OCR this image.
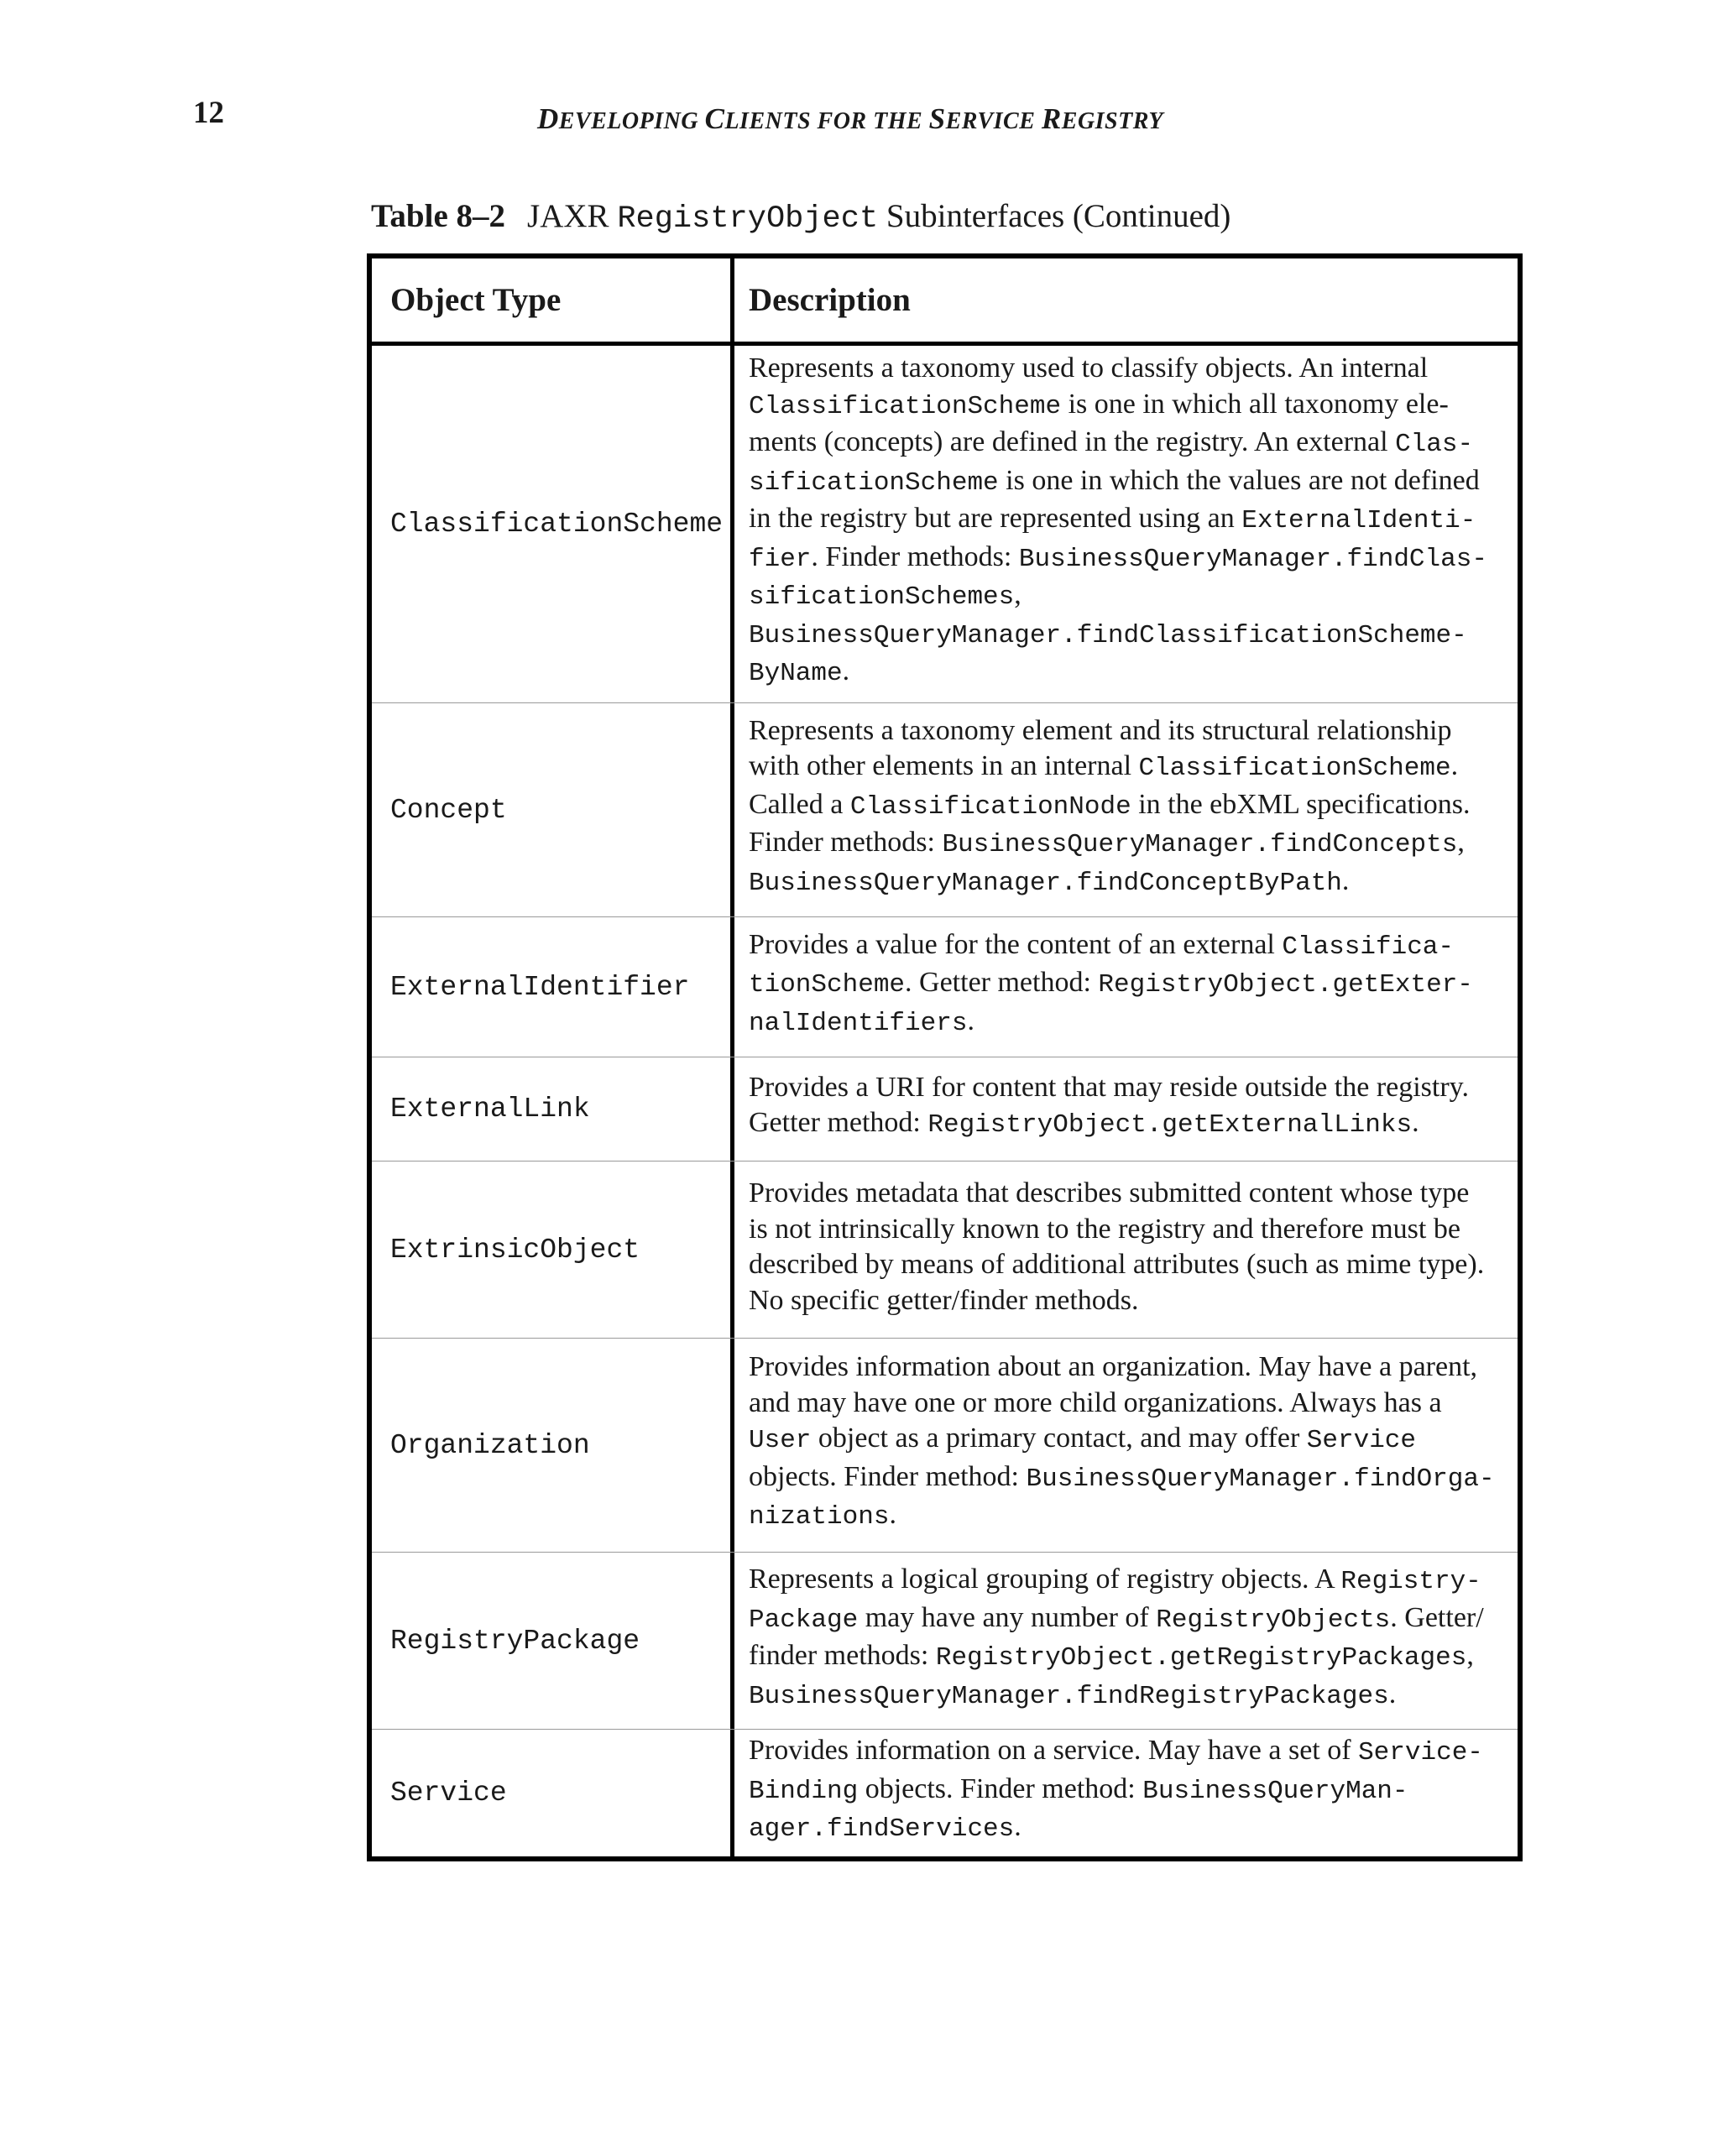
12	DEVELOPING CLIENTS FOR THE SERVICE REGISTRY
Table 8–2 JAXR RegistryObject Subinterfaces (Continued)
Object Type	Description
ClassificationScheme
Represents a taxonomy used to classify objects. An internal
ClassificationScheme is one in which all taxonomy ele-
ments (concepts) are defined in the registry. An external Clas-
sificationScheme is one in which the values are not defined
in the registry but are represented using an ExternalIdenti-
fier. Finder methods: BusinessQueryManager.findClas-
sificationSchemes,
BusinessQueryManager.findClassificationScheme-
ByName.
Concept
Represents a taxonomy element and its structural relationship
with other elements in an internal ClassificationScheme.
Called a ClassificationNode in the ebXML specifications.
Finder methods: BusinessQueryManager.findConcepts,
BusinessQueryManager.findConceptByPath.
ExternalIdentifier
Provides a value for the content of an external Classifica-
tionScheme. Getter method: RegistryObject.getExter-
nalIdentifiers.
ExternalLink
Provides a URI for content that may reside outside the registry.
Getter method: RegistryObject.getExternalLinks.
ExtrinsicObject
Provides metadata that describes submitted content whose type
is not intrinsically known to the registry and therefore must be
described by means of additional attributes (such as mime type).
No specific getter/finder methods.
Organization
Provides information about an organization. May have a parent,
and may have one or more child organizations. Always has a
User object as a primary contact, and may offer Service
objects. Finder method: BusinessQueryManager.findOrga-
nizations.
RegistryPackage
Represents a logical grouping of registry objects. A Registry-
Package may have any number of RegistryObjects. Getter/
finder methods: RegistryObject.getRegistryPackages,
BusinessQueryManager.findRegistryPackages.
Service
Provides information on a service. May have a set of Service-
Binding objects. Finder method: BusinessQueryMan-
ager.findServices.
